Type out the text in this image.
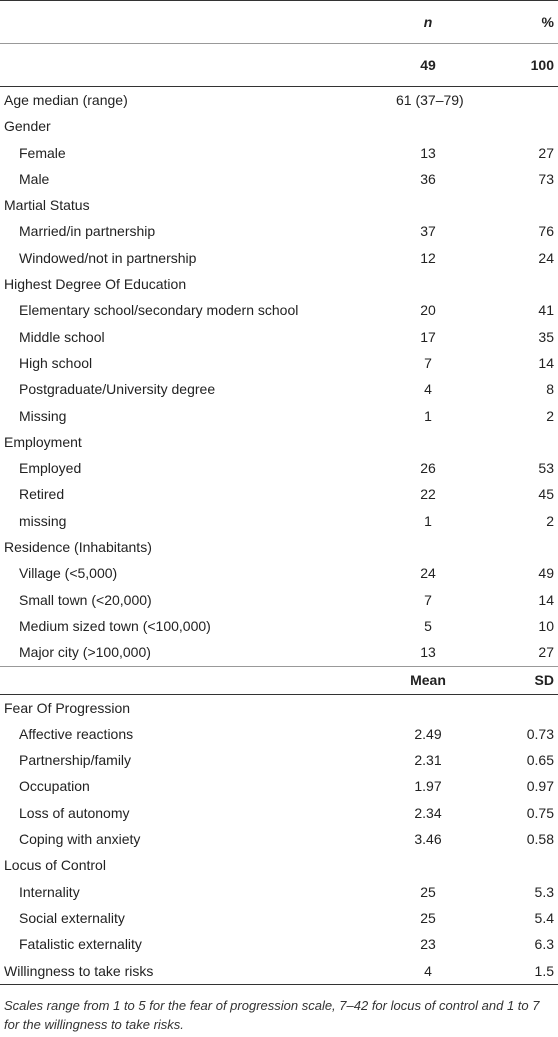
	n	%
	49	100
Age median (range)	61 (37–79)	
Gender		
Female	13	27
Male	36	73
Martial Status		
Married/in partnership	37	76
Windowed/not in partnership	12	24
Highest Degree Of Education		
Elementary school/secondary modern school	20	41
Middle school	17	35
High school	7	14
Postgraduate/University degree	4	8
Missing	1	2
Employment		
Employed	26	53
Retired	22	45
missing	1	2
Residence (Inhabitants)		
Village (<5,000)	24	49
Small town (<20,000)	7	14
Medium sized town (<100,000)	5	10
Major city (>100,000)	13	27
	Mean	SD
Fear Of Progression		
Affective reactions	2.49	0.73
Partnership/family	2.31	0.65
Occupation	1.97	0.97
Loss of autonomy	2.34	0.75
Coping with anxiety	3.46	0.58
Locus of Control		
Internality	25	5.3
Social externality	25	5.4
Fatalistic externality	23	6.3
Willingness to take risks	4	1.5
Scales range from 1 to 5 for the fear of progression scale, 7–42 for locus of control and 1 to 7 for the willingness to take risks.
